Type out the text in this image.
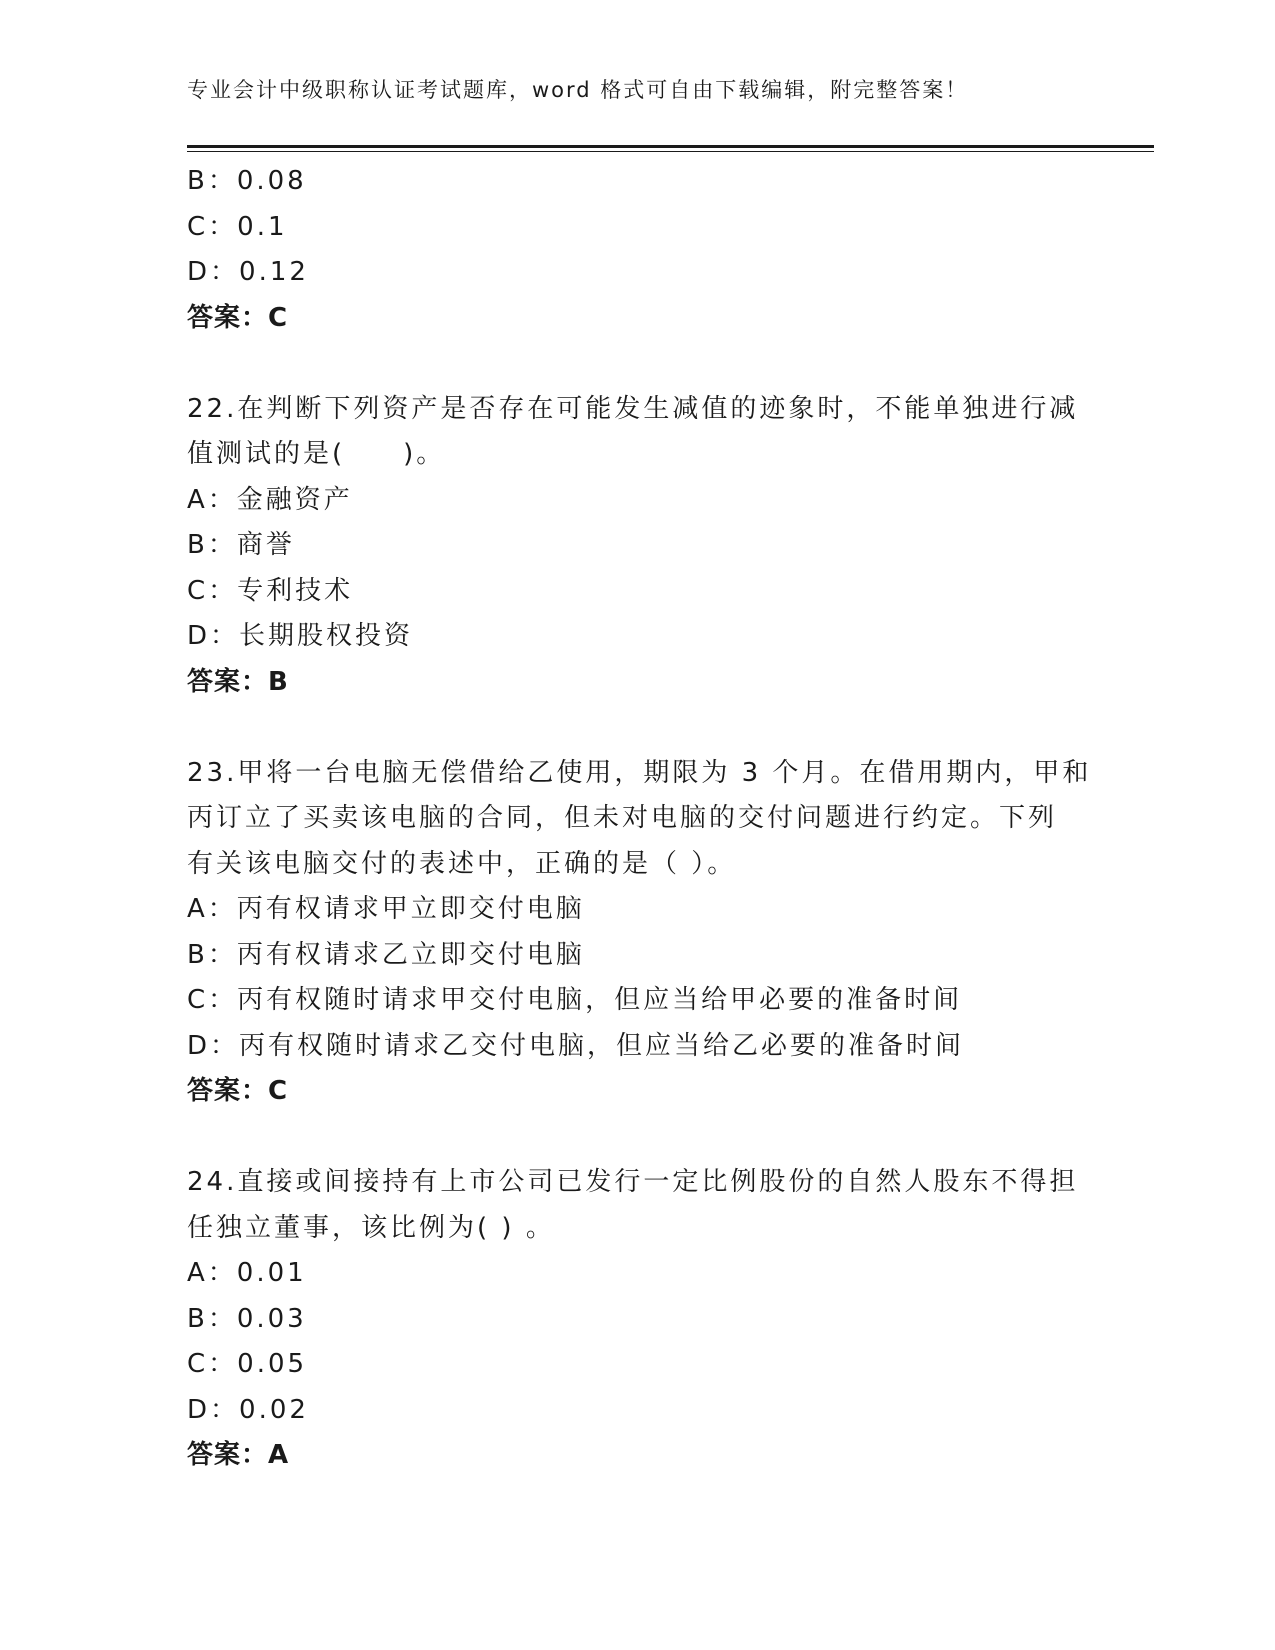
专业会计中级职称认证考试题库，word 格式可自由下载编辑，附完整答案！
B：0.08
C：0.1
D：0.12
答案：C
22.在判断下列资产是否存在可能发生减值的迹象时，不能单独进行减
值测试的是(　　)。
A：金融资产
B：商誉
C：专利技术
D：长期股权投资
答案：B
23.甲将一台电脑无偿借给乙使用，期限为 3 个月。在借用期内，甲和
丙订立了买卖该电脑的合同，但未对电脑的交付问题进行约定。下列
有关该电脑交付的表述中，正确的是（ ）。
A：丙有权请求甲立即交付电脑
B：丙有权请求乙立即交付电脑
C：丙有权随时请求甲交付电脑，但应当给甲必要的准备时间
D：丙有权随时请求乙交付电脑，但应当给乙必要的准备时间
答案：C
24.直接或间接持有上市公司已发行一定比例股份的自然人股东不得担
任独立董事，该比例为( ) 。
A：0.01
B：0.03
C：0.05
D：0.02
答案：A
